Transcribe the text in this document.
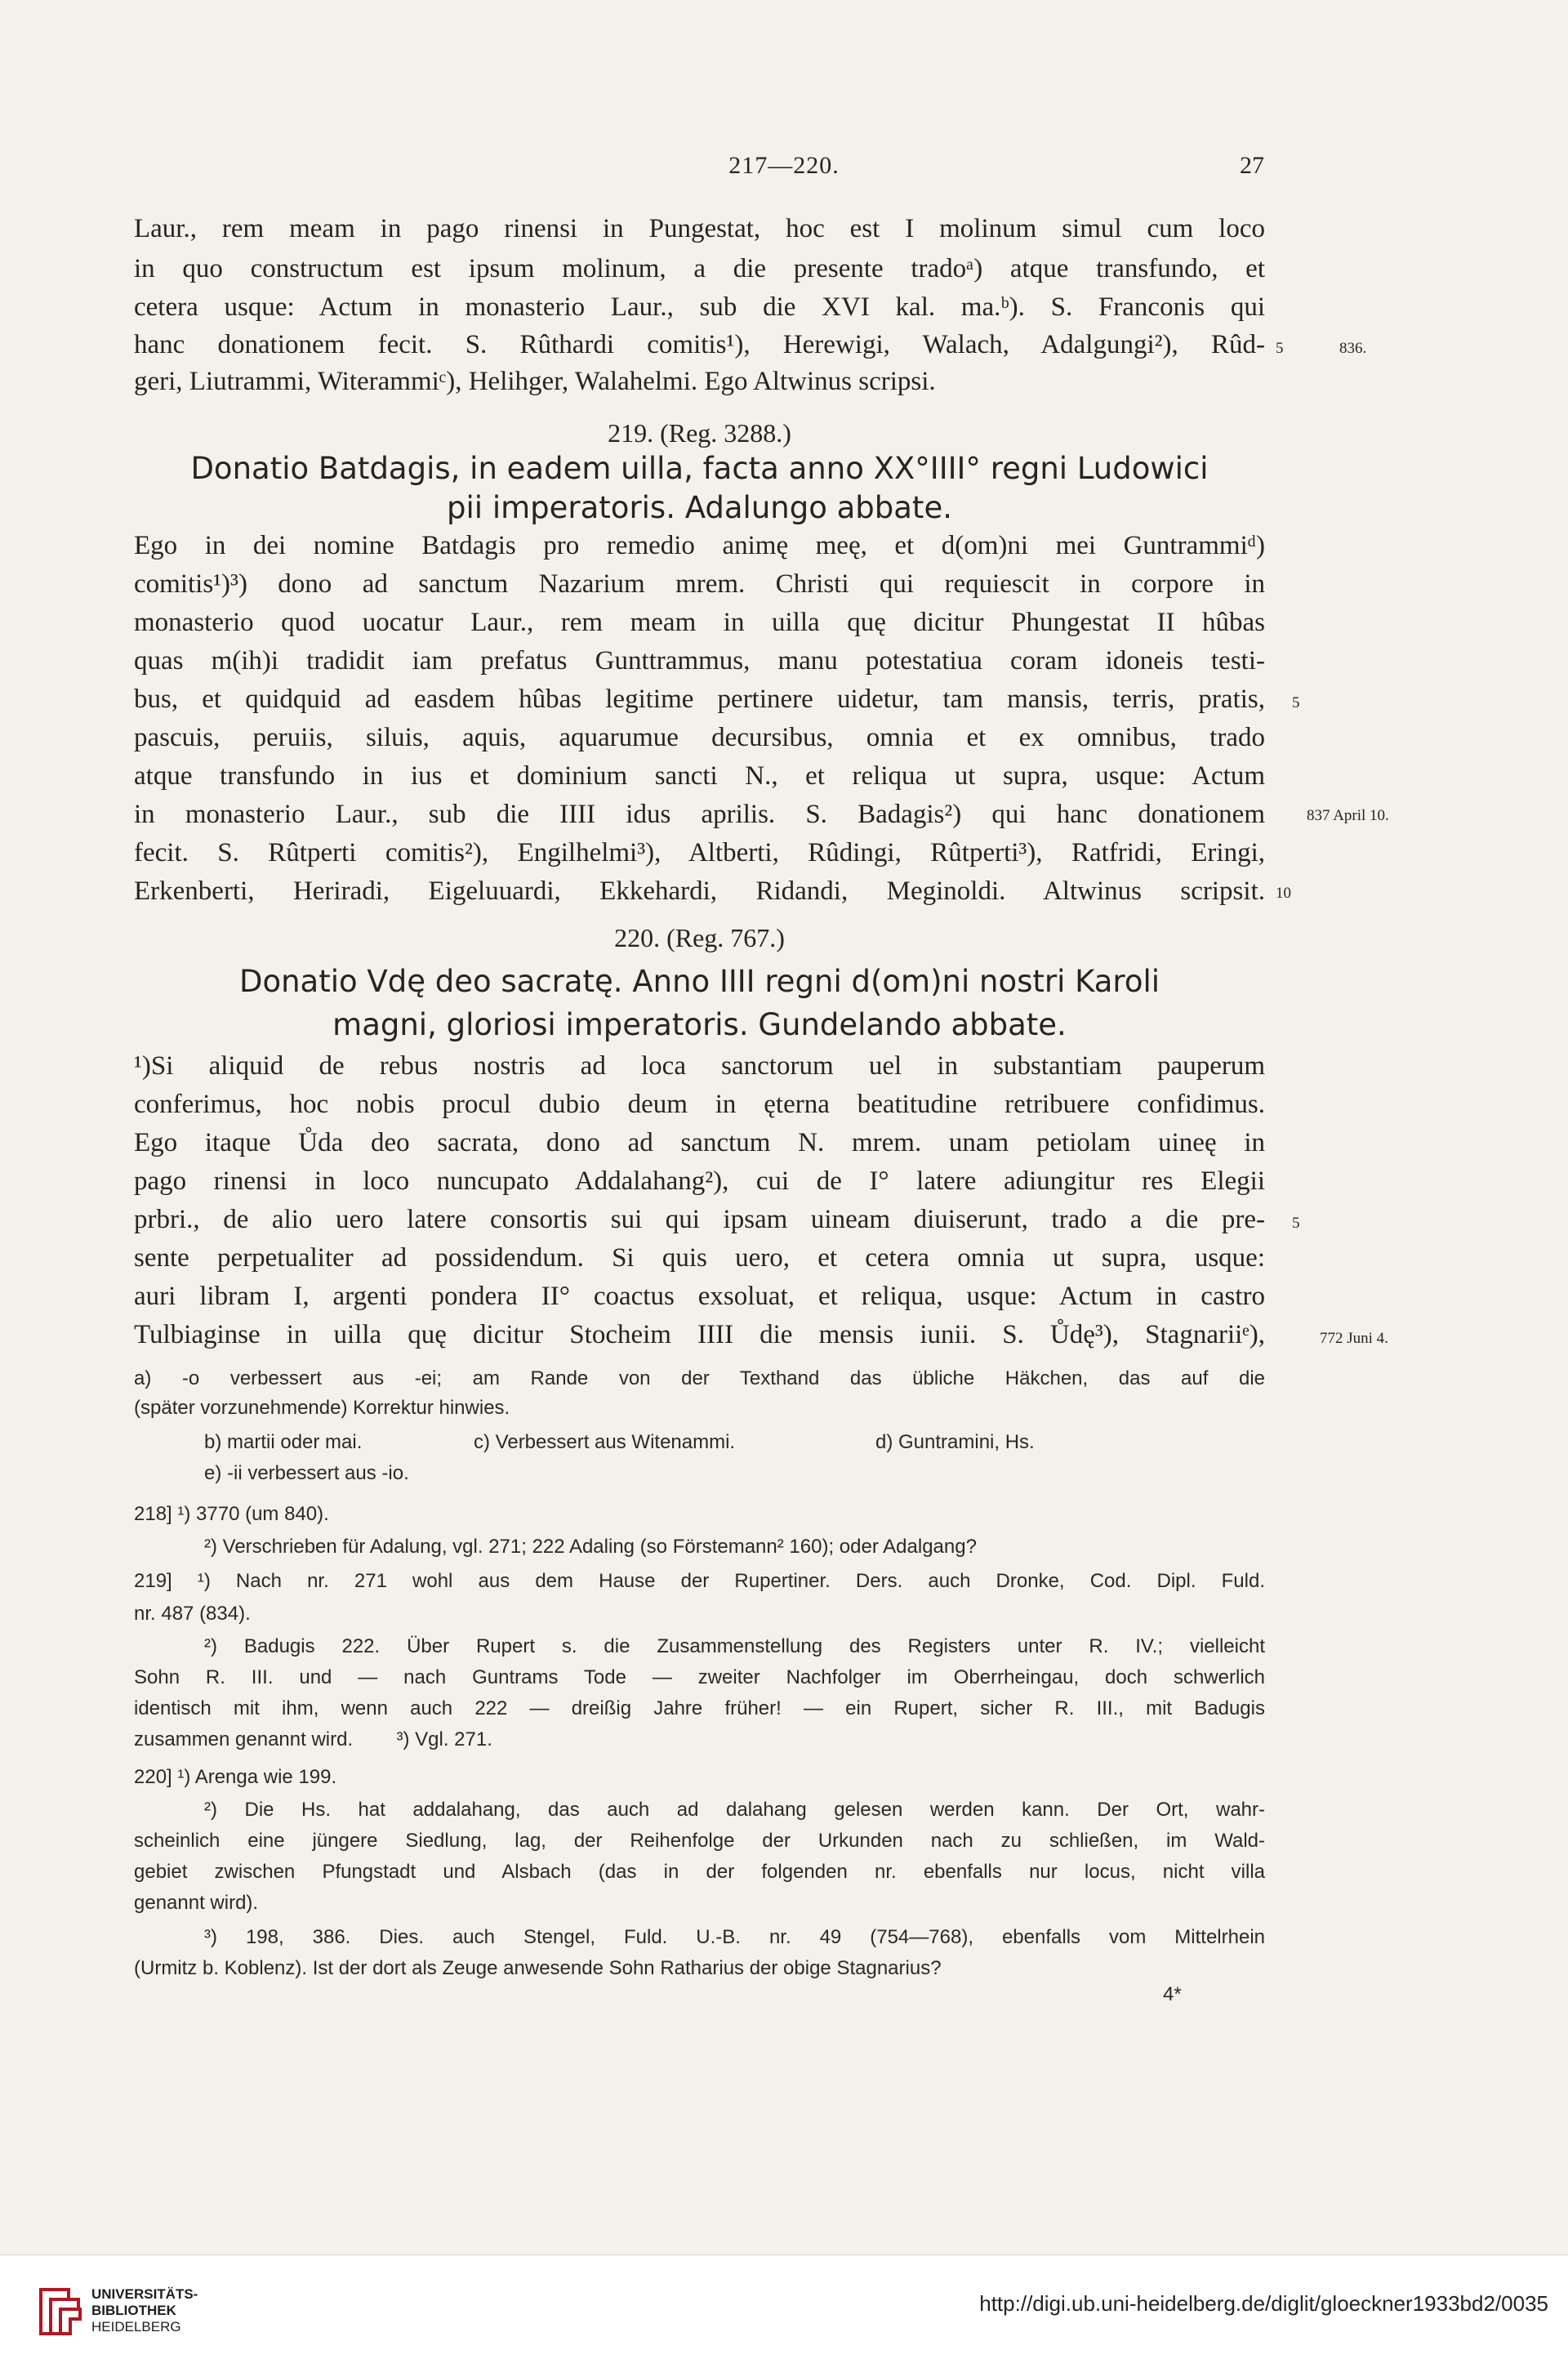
217—220.	27
Laur., rem meam in pago rinensi in Pungestat, hoc est I molinum simul cum loco
in quo constructum est ipsum molinum, a die presente tradoᵃ) atque transfundo, et
cetera usque: Actum in monasterio Laur., sub die XVI kal. ma.ᵇ). S. Franconis qui
hanc donationem fecit. S. Rûthardi comitis¹), Herewigi, Walach, Adalgungi²), Rûd-
geri, Liutrammi, Witerammiᶜ), Helihger, Walahelmi. Ego Altwinus scripsi.
219. (Reg. 3288.)
Donatio Batdagis, in eadem uilla, facta anno XX°IIII° regni Ludowici
pii imperatoris. Adalungo abbate.
Ego in dei nomine Batdagis pro remedio animę meę, et d(om)ni mei Guntrammiᵈ)
comitis¹)³) dono ad sanctum Nazarium mrem. Christi qui requiescit in corpore in
monasterio quod uocatur Laur., rem meam in uilla quę dicitur Phungestat II hûbas
quas m(ih)i tradidit iam prefatus Gunttrammus, manu potestatiua coram idoneis testi-
bus, et quidquid ad easdem hûbas legitime pertinere uidetur, tam mansis, terris, pratis,
pascuis, peruiis, siluis, aquis, aquarumue decursibus, omnia et ex omnibus, trado
atque transfundo in ius et dominium sancti N., et reliqua ut supra, usque: Actum
in monasterio Laur., sub die IIII idus aprilis. S. Badagis²) qui hanc donationem
fecit. S. Rûtperti comitis²), Engilhelmi³), Altberti, Rûdingi, Rûtperti³), Ratfridi, Eringi,
Erkenberti, Heriradi, Eigeluuardi, Ekkehardi, Ridandi, Meginoldi. Altwinus scripsit.
220. (Reg. 767.)
Donatio Vdę deo sacratę. Anno IIII regni d(om)ni nostri Karoli
magni, gloriosi imperatoris. Gundelando abbate.
¹)Si aliquid de rebus nostris ad loca sanctorum uel in substantiam pauperum
conferimus, hoc nobis procul dubio deum in ęterna beatitudine retribuere confidimus.
Ego itaque Ůda deo sacrata, dono ad sanctum N. mrem. unam petiolam uineę in
pago rinensi in loco nuncupato Addalahang²), cui de I° latere adiungitur res Elegii
prbri., de alio uero latere consortis sui qui ipsam uineam diuiserunt, trado a die pre-
sente perpetualiter ad possidendum. Si quis uero, et cetera omnia ut supra, usque:
auri libram I, argenti pondera II° coactus exsoluat, et reliqua, usque: Actum in castro
Tulbiaginse in uilla quę dicitur Stocheim IIII die mensis iunii. S. Ůdę³), Stagnariiᵉ),
5	836.
5
837 April 10.
10
5
772 Juni 4.
a) -o verbessert aus -ei; am Rande von der Texthand das übliche Häkchen, das auf die
(später vorzunehmende) Korrektur hinwies.
b) martii oder mai.	c) Verbessert aus Witenammi.	d) Guntramini, Hs.
e) -ii verbessert aus -io.
218] ¹) 3770 (um 840).
²) Verschrieben für Adalung, vgl. 271; 222 Adaling (so Förstemann² 160); oder Adalgang?
219] ¹) Nach nr. 271 wohl aus dem Hause der Rupertiner. Ders. auch Dronke, Cod. Dipl. Fuld.
nr. 487 (834).
²) Badugis 222. Über Rupert s. die Zusammenstellung des Registers unter R. IV.; vielleicht
Sohn R. III. und — nach Guntrams Tode — zweiter Nachfolger im Oberrheingau, doch schwerlich
identisch mit ihm, wenn auch 222 — dreißig Jahre früher! — ein Rupert, sicher R. III., mit Badugis
zusammen genannt wird.        ³) Vgl. 271.
220] ¹) Arenga wie 199.
²) Die Hs. hat addalahang, das auch ad dalahang gelesen werden kann. Der Ort, wahr-
scheinlich eine jüngere Siedlung, lag, der Reihenfolge der Urkunden nach zu schließen, im Wald-
gebiet zwischen Pfungstadt und Alsbach (das in der folgenden nr. ebenfalls nur locus, nicht villa
genannt wird).
³) 198, 386. Dies. auch Stengel, Fuld. U.-B. nr. 49 (754—768), ebenfalls vom Mittelrhein
(Urmitz b. Koblenz). Ist der dort als Zeuge anwesende Sohn Ratharius der obige Stagnarius?
4*
UNIVERSITÄTS-
BIBLIOTHEK
HEIDELBERG
http://digi.ub.uni-heidelberg.de/diglit/gloeckner1933bd2/0035
